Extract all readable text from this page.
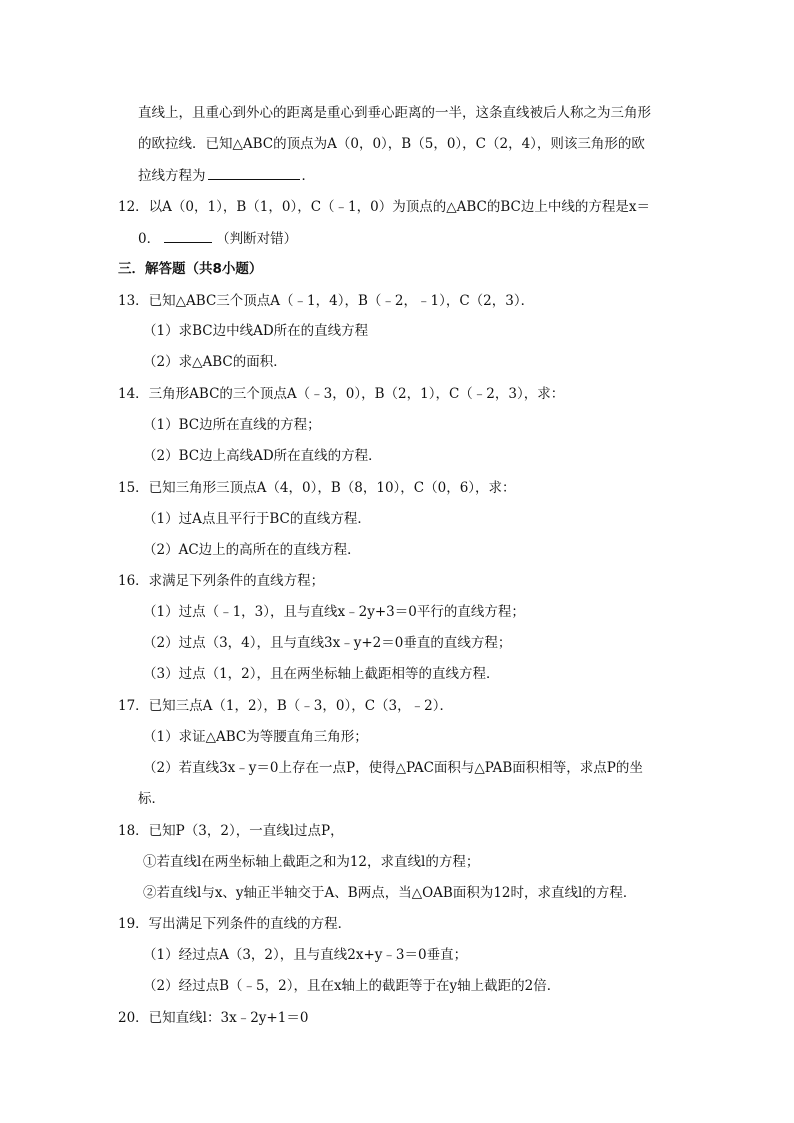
直线上，且重心到外心的距离是重心到垂心距离的一半，这条直线被后人称之为三角形
的欧拉线．已知△ABC的顶点为A（0，0），B（5，0），C（2，4），则该三角形的欧
拉线方程为	．
12．以A（0，1），B（1，0），C（﹣1，0）为顶点的△ABC的BC边上中线的方程是x＝
0．	（判断对错）
三．解答题（共8小题）
13．已知△ABC三个顶点A（﹣1，4），B（﹣2，﹣1），C（2，3）．
（1）求BC边中线AD所在的直线方程
（2）求△ABC的面积．
14．三角形ABC的三个顶点A（﹣3，0），B（2，1），C（﹣2，3），求：
（1）BC边所在直线的方程；
（2）BC边上高线AD所在直线的方程．
15．已知三角形三顶点A（4，0），B（8，10），C（0，6），求：
（1）过A点且平行于BC的直线方程．
（2）AC边上的高所在的直线方程．
16．求满足下列条件的直线方程；
（1）过点（﹣1，3），且与直线x﹣2y+3＝0平行的直线方程；
（2）过点（3，4），且与直线3x﹣y+2＝0垂直的直线方程；
（3）过点（1，2），且在两坐标轴上截距相等的直线方程．
17．已知三点A（1，2），B（﹣3，0），C（3，﹣2）．
（1）求证△ABC为等腰直角三角形；
（2）若直线3x﹣y＝0上存在一点P，使得△PAC面积与△PAB面积相等，求点P的坐
标．
18．已知P（3，2），一直线l过点P，
①若直线l在两坐标轴上截距之和为12，求直线l的方程；
②若直线l与x、y轴正半轴交于A、B两点，当△OAB面积为12时，求直线l的方程．
19．写出满足下列条件的直线的方程．
（1）经过点A（3，2），且与直线2x+y﹣3＝0垂直；
（2）经过点B（﹣5，2），且在x轴上的截距等于在y轴上截距的2倍．
20．已知直线l：3x﹣2y+1＝0
